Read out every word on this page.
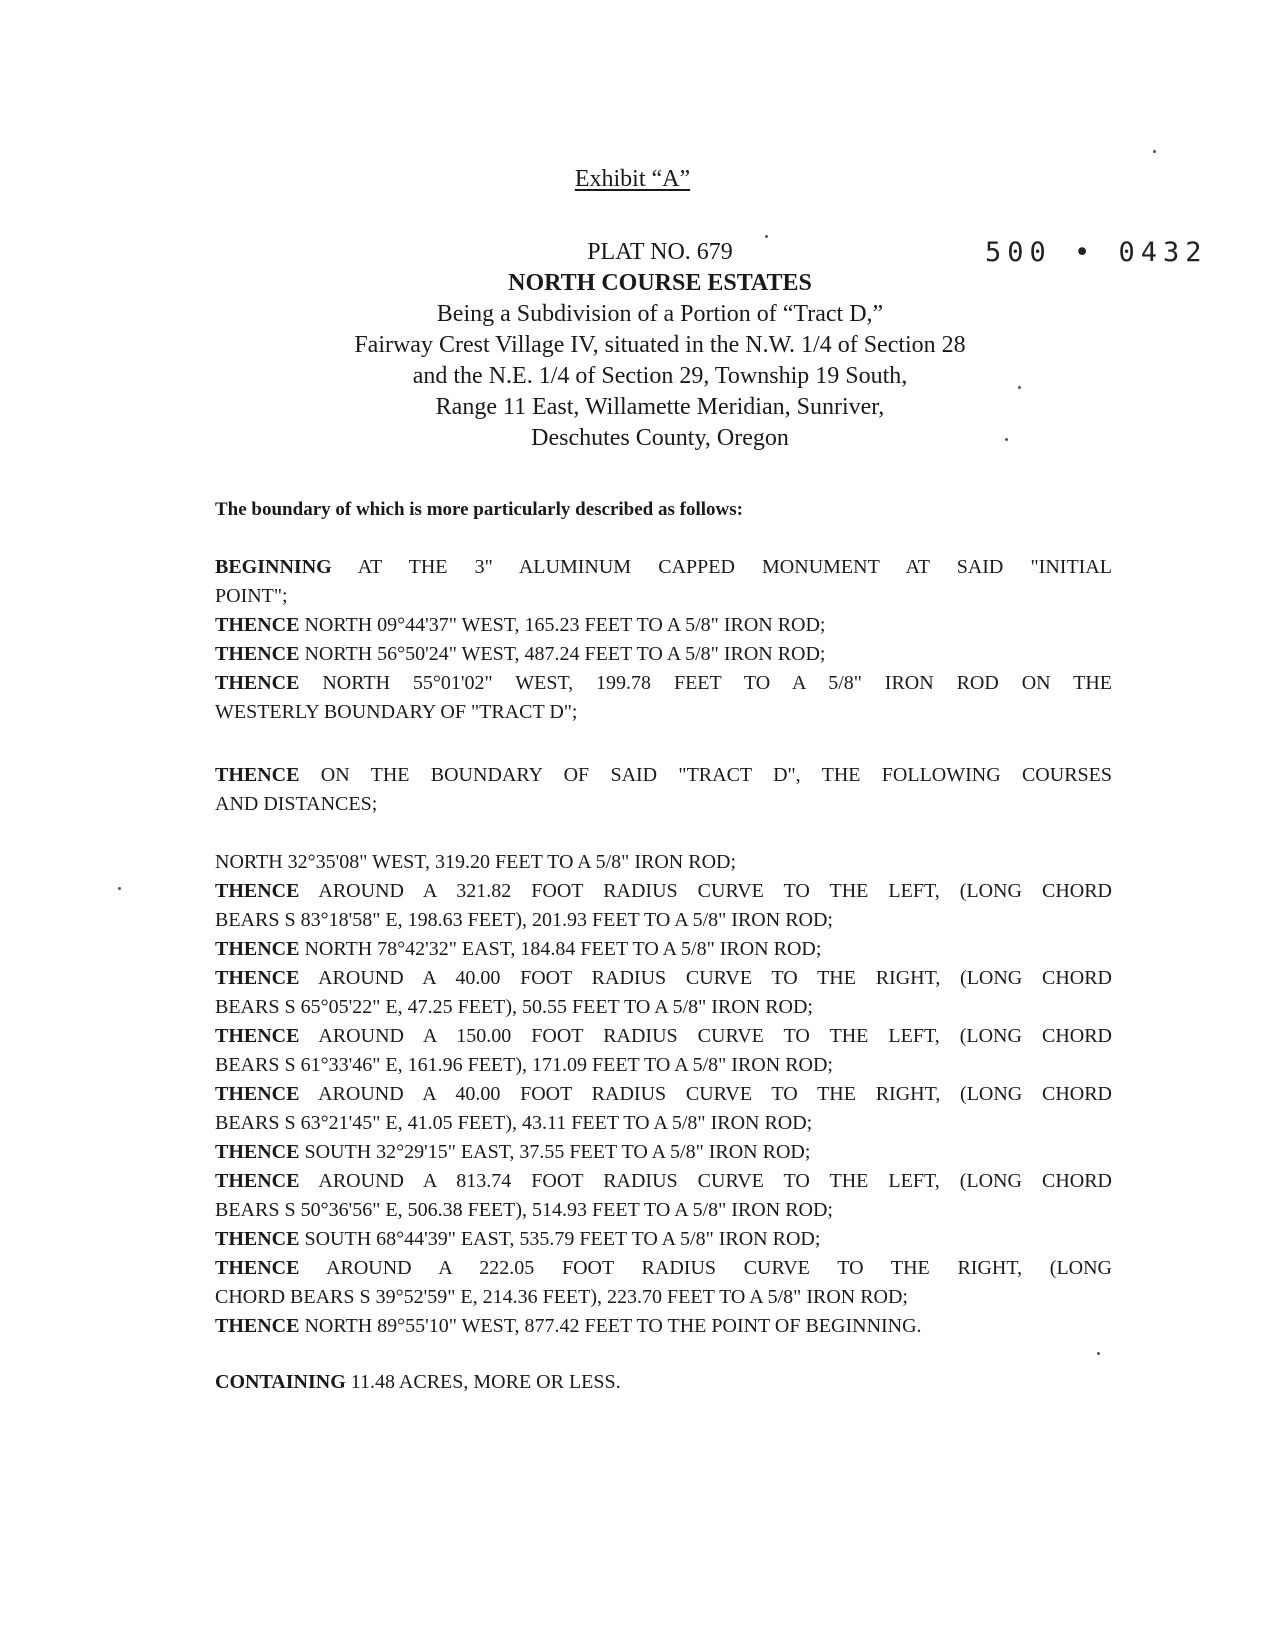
Exhibit “A”
500 • 0432
PLAT NO. 679
NORTH COURSE ESTATES
Being a Subdivision of a Portion of “Tract D,”
Fairway Crest Village IV, situated in the N.W. 1/4 of Section 28
and the N.E. 1/4 of Section 29, Township 19 South,
Range 11 East, Willamette Meridian, Sunriver,
Deschutes County, Oregon
The boundary of which is more particularly described as follows:
BEGINNING AT THE 3" ALUMINUM CAPPED MONUMENT AT SAID "INITIAL
POINT";
THENCE NORTH 09°44'37" WEST, 165.23 FEET TO A 5/8" IRON ROD;
THENCE NORTH 56°50'24" WEST, 487.24 FEET TO A 5/8" IRON ROD;
THENCE NORTH 55°01'02" WEST, 199.78 FEET TO A 5/8" IRON ROD ON THE
WESTERLY BOUNDARY OF "TRACT D";
THENCE ON THE BOUNDARY OF SAID "TRACT D", THE FOLLOWING COURSES
AND DISTANCES;
NORTH 32°35'08" WEST, 319.20 FEET TO A 5/8" IRON ROD;
THENCE AROUND A 321.82 FOOT RADIUS CURVE TO THE LEFT, (LONG CHORD
BEARS S 83°18'58" E, 198.63 FEET), 201.93 FEET TO A 5/8" IRON ROD;
THENCE NORTH 78°42'32" EAST, 184.84 FEET TO A 5/8" IRON ROD;
THENCE AROUND A 40.00 FOOT RADIUS CURVE TO THE RIGHT, (LONG CHORD
BEARS S 65°05'22" E, 47.25 FEET), 50.55 FEET TO A 5/8" IRON ROD;
THENCE AROUND A 150.00 FOOT RADIUS CURVE TO THE LEFT, (LONG CHORD
BEARS S 61°33'46" E, 161.96 FEET), 171.09 FEET TO A 5/8" IRON ROD;
THENCE AROUND A 40.00 FOOT RADIUS CURVE TO THE RIGHT, (LONG CHORD
BEARS S 63°21'45" E, 41.05 FEET), 43.11 FEET TO A 5/8" IRON ROD;
THENCE SOUTH 32°29'15" EAST, 37.55 FEET TO A 5/8" IRON ROD;
THENCE AROUND A 813.74 FOOT RADIUS CURVE TO THE LEFT, (LONG CHORD
BEARS S 50°36'56" E, 506.38 FEET), 514.93 FEET TO A 5/8" IRON ROD;
THENCE SOUTH 68°44'39" EAST, 535.79 FEET TO A 5/8" IRON ROD;
THENCE AROUND A 222.05 FOOT RADIUS CURVE TO THE RIGHT, (LONG
CHORD BEARS S 39°52'59" E, 214.36 FEET), 223.70 FEET TO A 5/8" IRON ROD;
THENCE NORTH 89°55'10" WEST, 877.42 FEET TO THE POINT OF BEGINNING.
CONTAINING 11.48 ACRES, MORE OR LESS.
